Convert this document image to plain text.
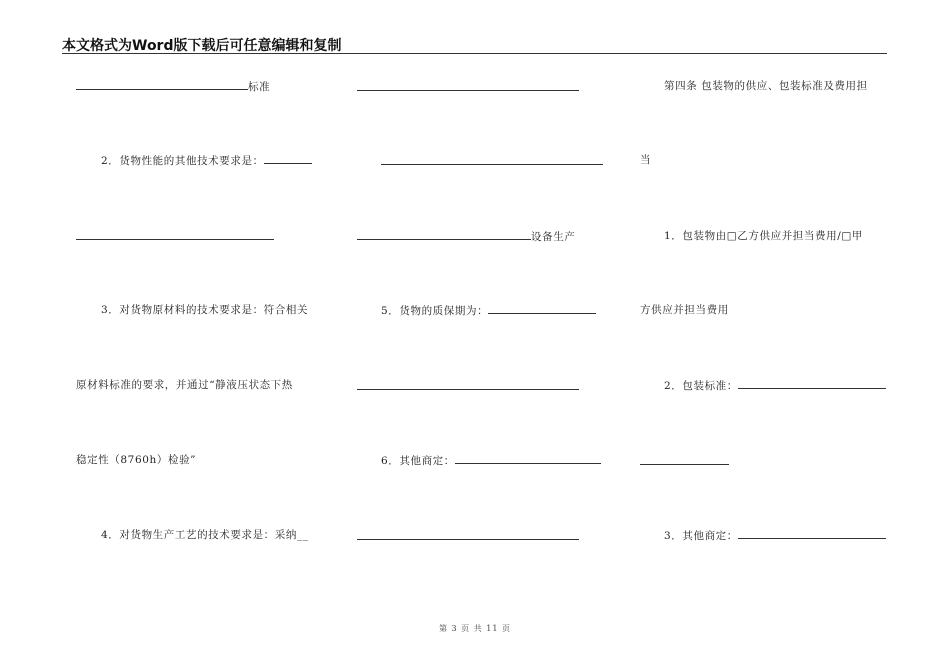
本文格式为Word版下载后可任意编辑和复制
标准
2．货物性能的其他技术要求是：
3．对货物原材料的技术要求是：符合相关
原材料标准的要求，并通过“静液压状态下热
稳定性（8760h）检验”
4．对货物生产工艺的技术要求是：采纳__
设备生产
5．货物的质保期为：
6．其他商定：
第四条 包装物的供应、包装标准及费用担
当
1．包装物由□乙方供应并担当费用/□甲
方供应并担当费用
2．包装标准：
3．其他商定：
第 3 页 共 11 页
